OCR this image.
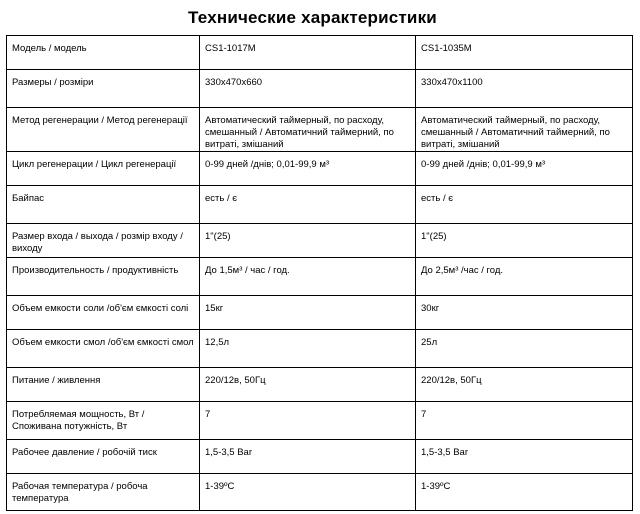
Технические характеристики
Модель / модель	CS1-1017M	CS1-1035M
Размеры / розміри	330x470x660	330x470x1100
Метод регенерации / Метод регенерації	Автоматический таймерный, по расходу, смешанный / Автоматичний таймерний, по витраті, змішаний	Автоматический таймерный, по расходу, смешанный / Автоматичний таймерний, по витраті, змішаний
Цикл регенерации / Цикл регенерації	0-99 дней /днів; 0,01-99,9 м³	0-99 дней /днів; 0,01-99,9 м³
Байпас	есть / є	есть / є
Размер входа / выхода / розмір входу / виходу	1"(25)	1"(25)
Производительность / продуктивність	До 1,5м³ / час / год.	До 2,5м³ /час / год.
Объем емкости соли /об'єм ємкості солі	15кг	30кг
Объем емкости смол /об'єм ємкості смол	12,5л	25л
Питание / живлення	220/12в, 50Гц	220/12в, 50Гц
Потребляемая мощность, Вт / Споживана потужність, Вт	7	7
Рабочее давление / робочій тиск	1,5-3,5 Bar	1,5-3,5 Bar
Рабочая температура / робоча температура	1-39ºС	1-39ºС
